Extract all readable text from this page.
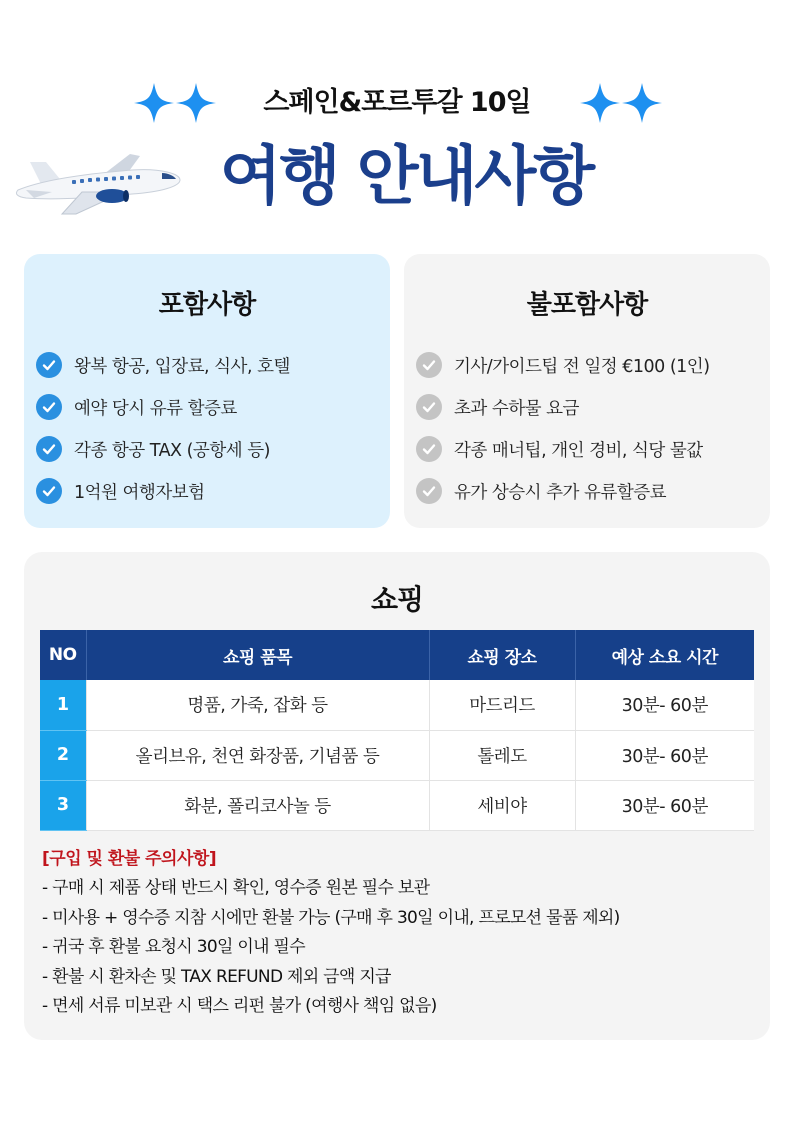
스페인&포르투갈 10일
여행 안내사항
포함사항
왕복 항공, 입장료, 식사, 호텔
예약 당시 유류 할증료
각종 항공 TAX (공항세 등)
1억원 여행자보험
불포함사항
기사/가이드팁 전 일정 €100 (1인)
초과 수하물 요금
각종 매너팁, 개인 경비, 식당 물값
유가 상승시 추가 유류할증료
쇼핑
NO	쇼핑 품목	쇼핑 장소	예상 소요 시간
1	명품, 가죽, 잡화 등	마드리드	30분- 60분
2	올리브유, 천연 화장품, 기념품 등	톨레도	30분- 60분
3	화분, 폴리코사놀 등	세비야	30분- 60분
[구입 및 환불 주의사항]
- 구매 시 제품 상태 반드시 확인, 영수증 원본 필수 보관
- 미사용 + 영수증 지참 시에만 환불 가능 (구매 후 30일 이내, 프로모션 물품 제외)
- 귀국 후 환불 요청시 30일 이내 필수
- 환불 시 환차손 및 TAX REFUND 제외 금액 지급
- 면세 서류 미보관 시 택스 리펀 불가 (여행사 책임 없음)
